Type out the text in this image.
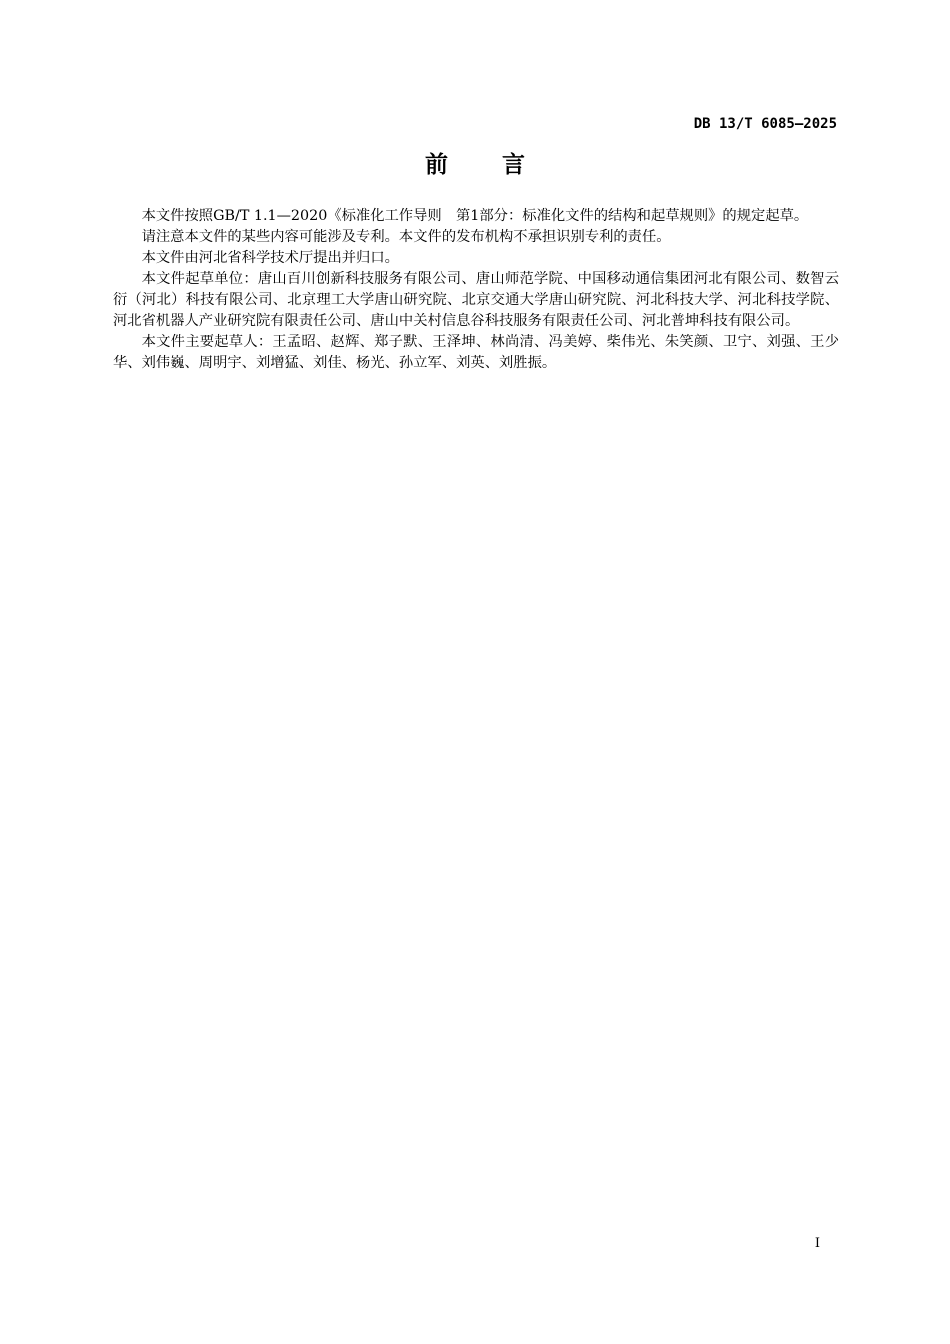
DB 13/T 6085—2025
前 言

本文件按照GB/T 1.1—2020《标准化工作导则　第1部分：标准化文件的结构和起草规则》的规定起草。

请注意本文件的某些内容可能涉及专利。本文件的发布机构不承担识别专利的责任。

本文件由河北省科学技术厅提出并归口。

本文件起草单位：唐山百川创新科技服务有限公司、唐山师范学院、中国移动通信集团河北有限公司、数智云衍（河北）科技有限公司、北京理工大学唐山研究院、北京交通大学唐山研究院、河北科技大学、河北科技学院、河北省机器人产业研究院有限责任公司、唐山中关村信息谷科技服务有限责任公司、河北普坤科技有限公司。

本文件主要起草人：王孟昭、赵辉、郑子默、王泽坤、林尚清、冯美婷、柴伟光、朱笑颜、卫宁、刘强、王少华、刘伟巍、周明宇、刘增猛、刘佳、杨光、孙立军、刘英、刘胜振。

I
